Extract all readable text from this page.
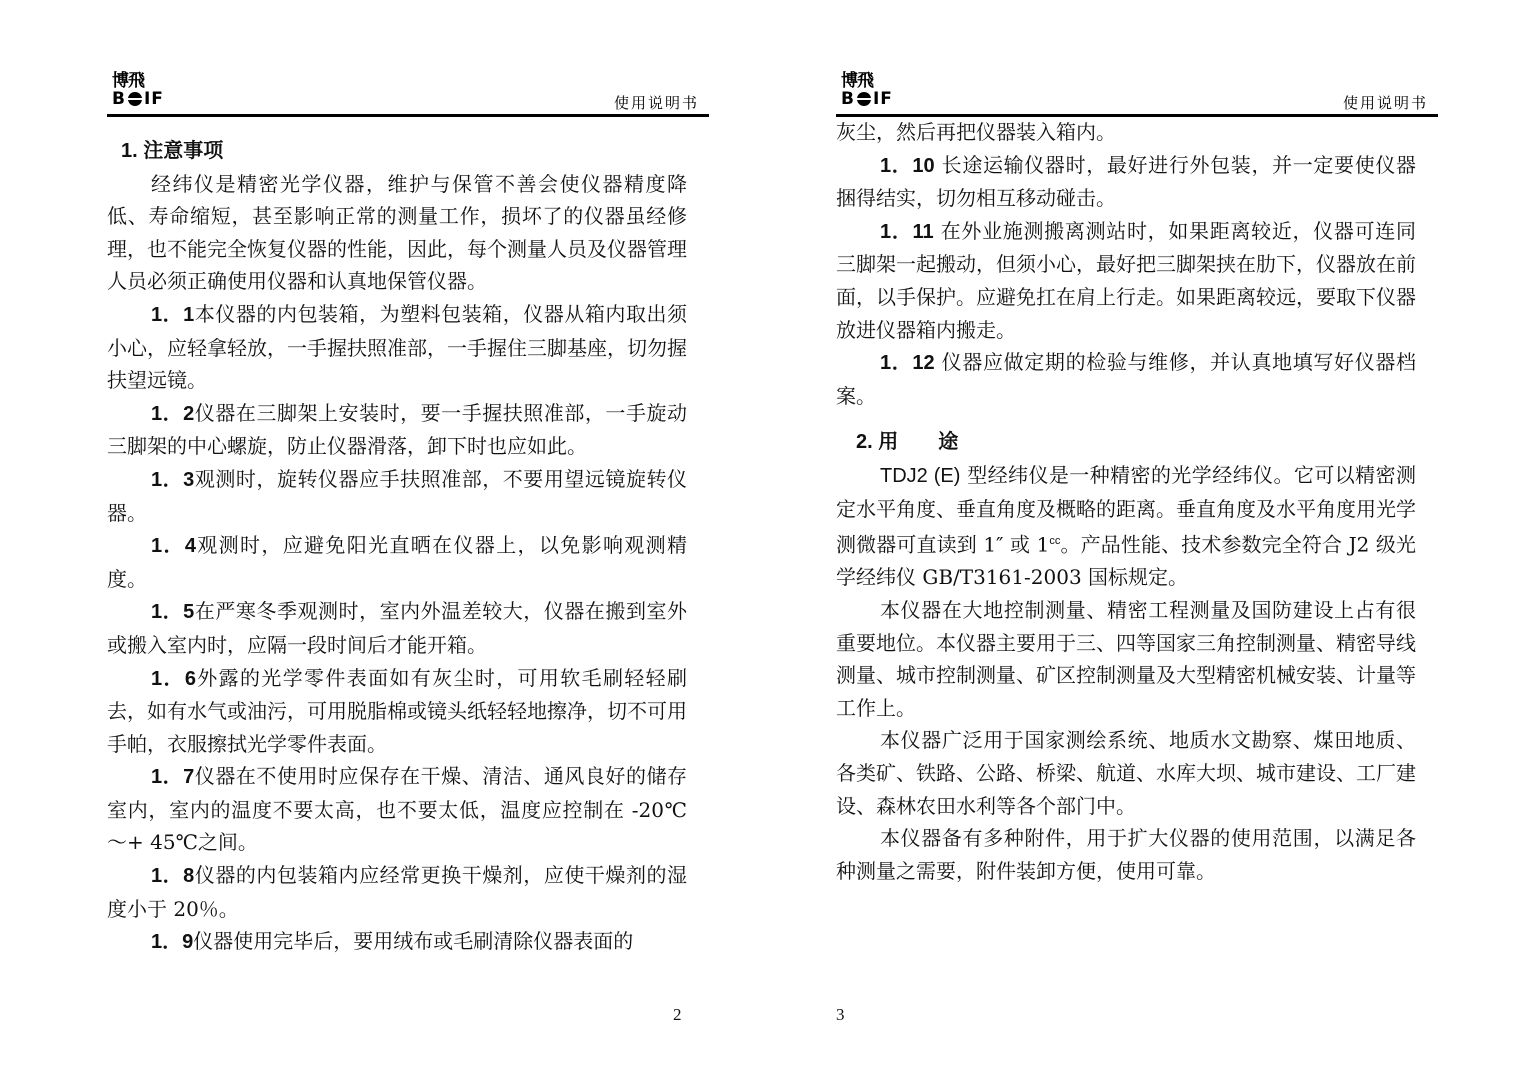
博飛
B IF	使用说明书

1. 注意事项

经纬仪是精密光学仪器，维护与保管不善会使仪器精度降低、寿命缩短，甚至影响正常的测量工作，损坏了的仪器虽经修理，也不能完全恢复仪器的性能，因此，每个测量人员及仪器管理人员必须正确使用仪器和认真地保管仪器。

1．1本仪器的内包装箱，为塑料包装箱，仪器从箱内取出须小心，应轻拿轻放，一手握扶照准部，一手握住三脚基座，切勿握扶望远镜。

1．2仪器在三脚架上安装时，要一手握扶照准部，一手旋动三脚架的中心螺旋，防止仪器滑落，卸下时也应如此。

1．3观测时，旋转仪器应手扶照准部，不要用望远镜旋转仪器。

1．4观测时，应避免阳光直晒在仪器上，以免影响观测精度。

1．5在严寒冬季观测时，室内外温差较大，仪器在搬到室外或搬入室内时，应隔一段时间后才能开箱。

1．6外露的光学零件表面如有灰尘时，可用软毛刷轻轻刷去，如有水气或油污，可用脱脂棉或镜头纸轻轻地擦净，切不可用手帕，衣服擦拭光学零件表面。

1．7仪器在不使用时应保存在干燥、清洁、通风良好的储存室内，室内的温度不要太高，也不要太低，温度应控制在 -20℃～+ 45℃之间。

1．8仪器的内包装箱内应经常更换干燥剂，应使干燥剂的湿度小于 20％。

1．9仪器使用完毕后，要用绒布或毛刷清除仪器表面的

2
博飛
B IF	使用说明书

灰尘，然后再把仪器装入箱内。

1．10 长途运输仪器时，最好进行外包装，并一定要使仪器捆得结实，切勿相互移动碰击。

1．11 在外业施测搬离测站时，如果距离较近，仪器可连同三脚架一起搬动，但须小心，最好把三脚架挟在肋下，仪器放在前面，以手保护。应避免扛在肩上行走。如果距离较远，要取下仪器放进仪器箱内搬走。

1．12 仪器应做定期的检验与维修，并认真地填写好仪器档案。

2. 用　　途

TDJ2 (E) 型经纬仪是一种精密的光学经纬仪。它可以精密测定水平角度、垂直角度及概略的距离。垂直角度及水平角度用光学测微器可直读到 1″ 或 $1^{cc}$。产品性能、技术参数完全符合 J2 级光学经纬仪 GB/T3161-2003 国标规定。

本仪器在大地控制测量、精密工程测量及国防建设上占有很重要地位。本仪器主要用于三、四等国家三角控制测量、精密导线测量、城市控制测量、矿区控制测量及大型精密机械安装、计量等工作上。

本仪器广泛用于国家测绘系统、地质水文勘察、煤田地质、各类矿、铁路、公路、桥梁、航道、水库大坝、城市建设、工厂建设、森林农田水利等各个部门中。

本仪器备有多种附件，用于扩大仪器的使用范围，以满足各种测量之需要，附件装卸方便，使用可靠。

3
